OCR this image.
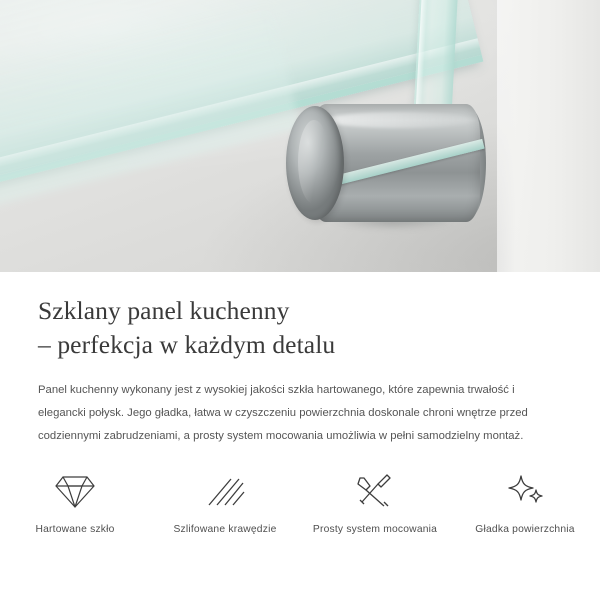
Szklany panel kuchenny
– perfekcja w każdym detalu

Panel kuchenny wykonany jest z wysokiej jakości szkła hartowanego, które zapewnia trwałość i elegancki połysk. Jego gładka, łatwa w czyszczeniu powierzchnia doskonale chroni wnętrze przed codziennymi zabrudzeniami, a prosty system mocowania umożliwia w pełni samodzielny montaż.

Hartowane szkło	Szlifowane krawędzie	Prosty system mocowania	Gładka powierzchnia
